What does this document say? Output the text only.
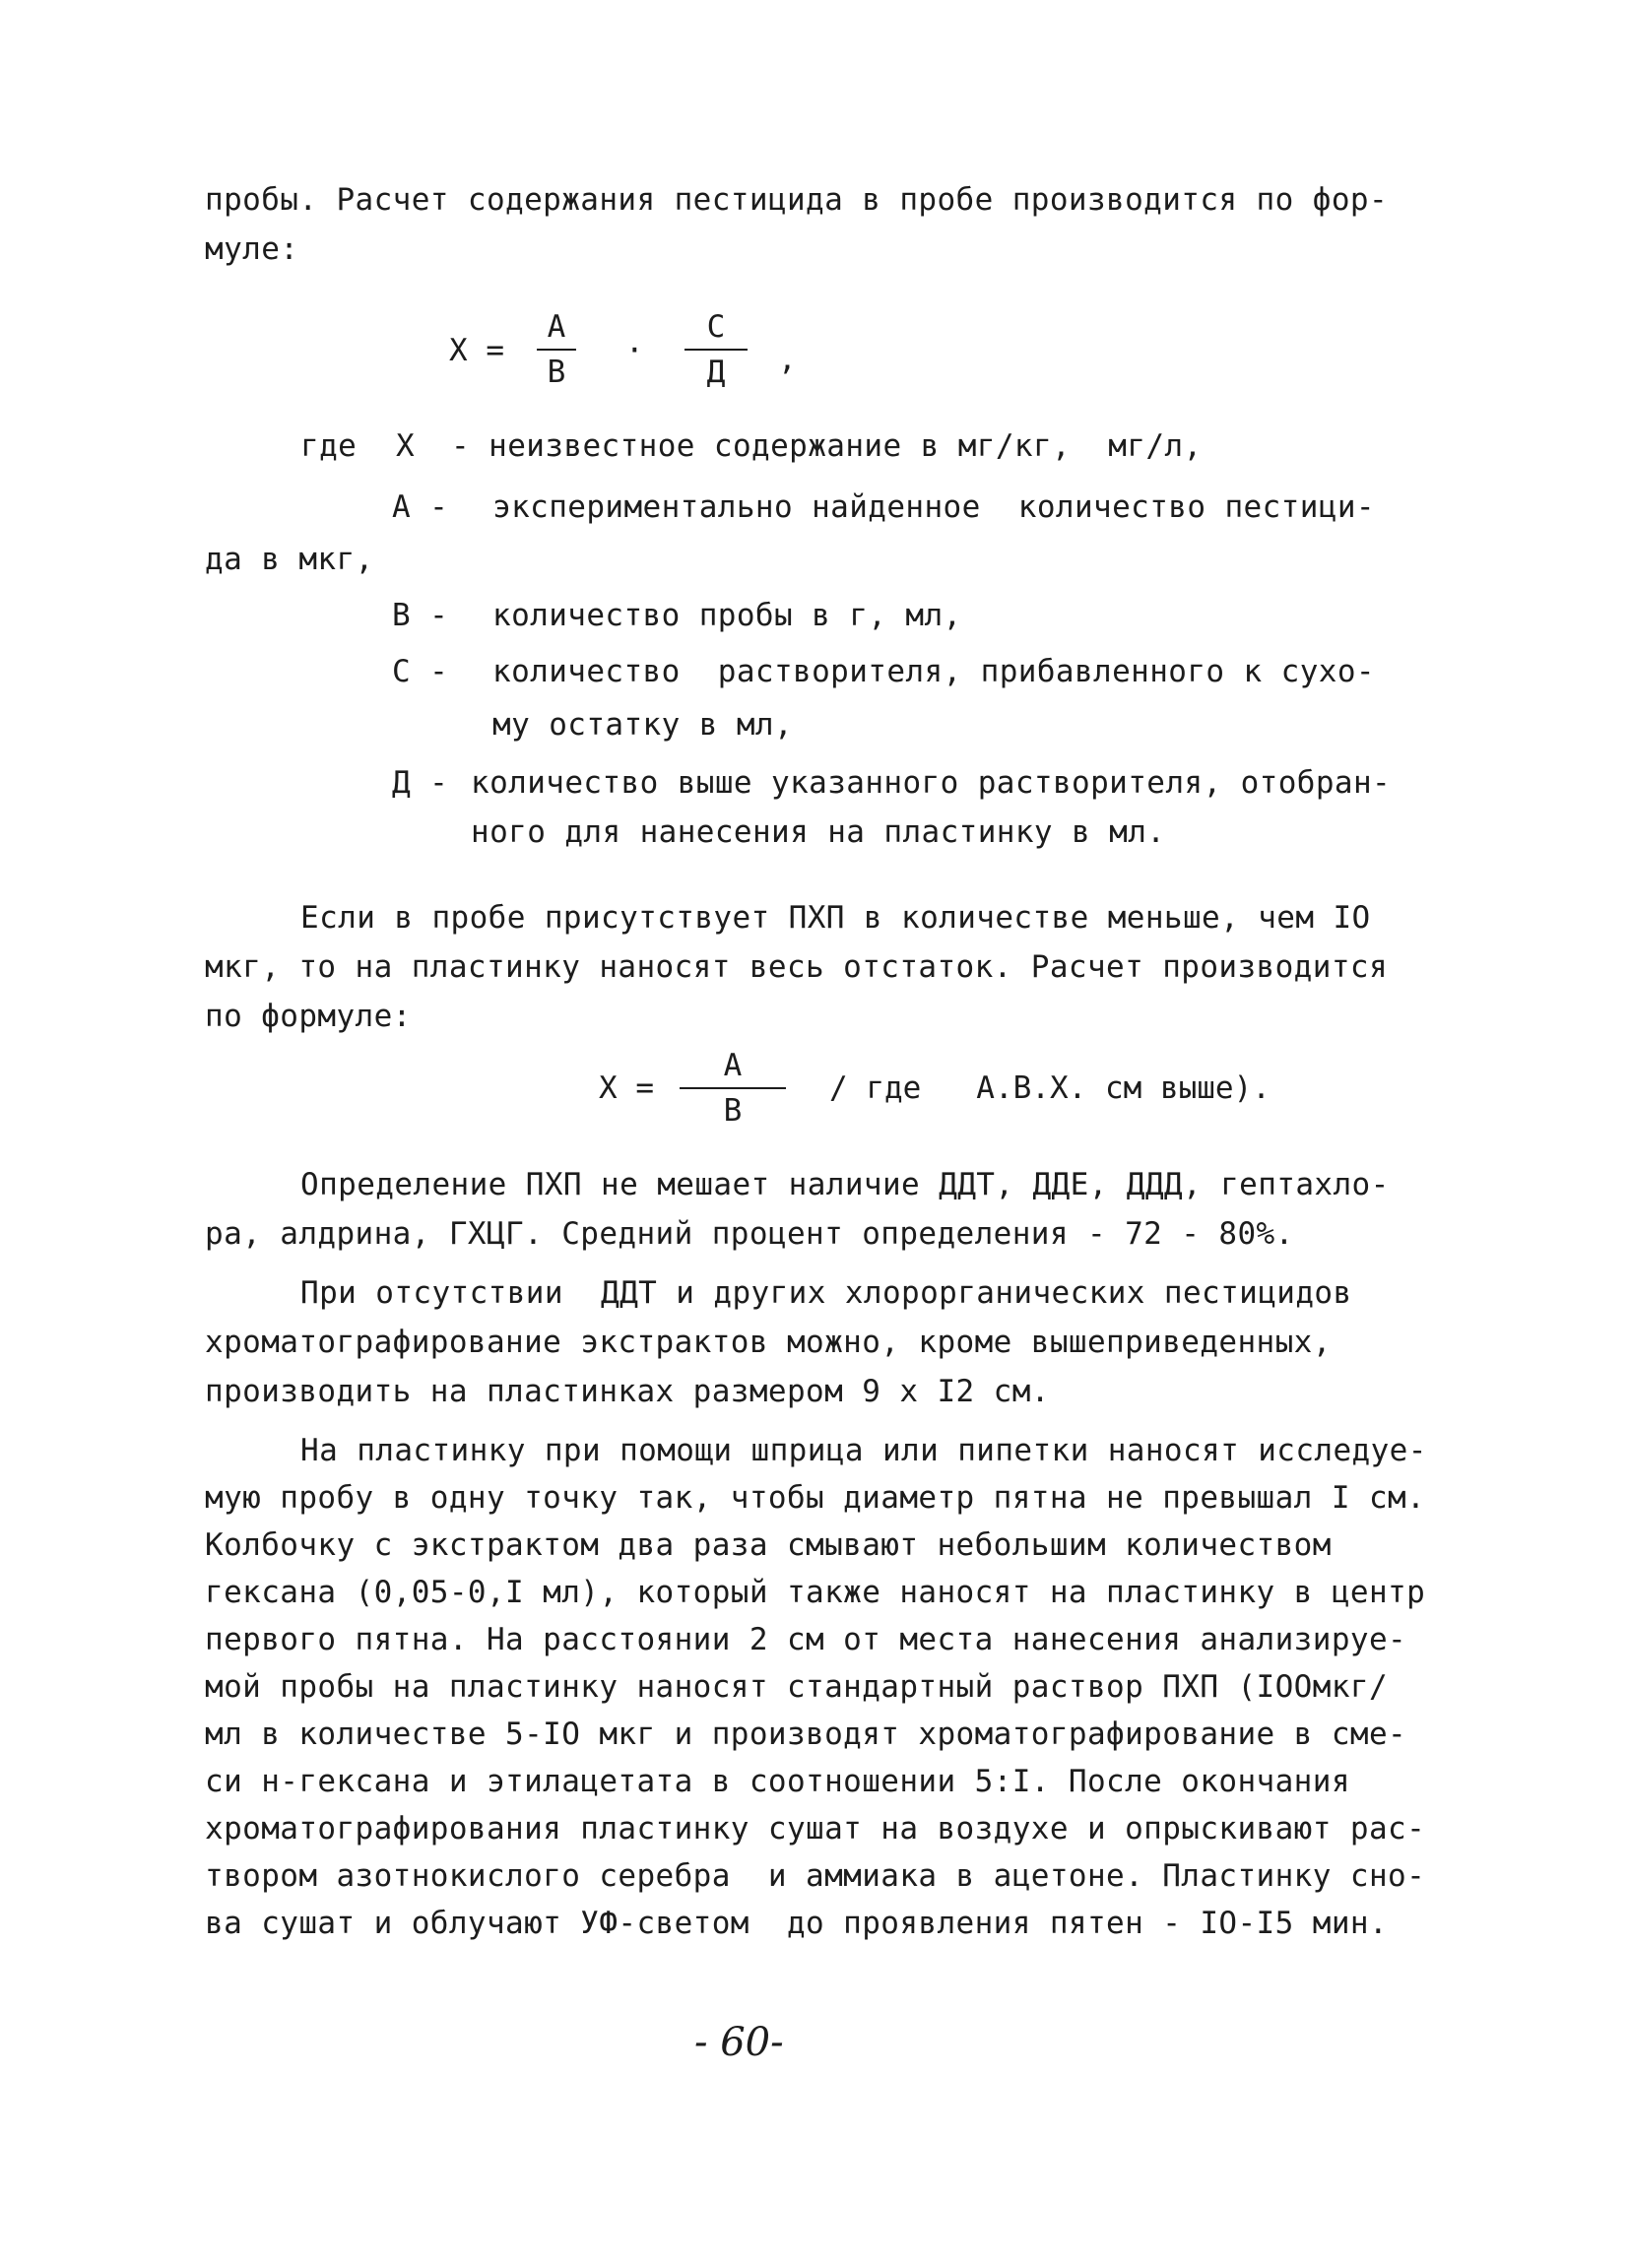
пробы. Расчет содержания пестицида в пробе производится по фор-
муле:
X =
A
B
·
C
Д ,
где X - неизвестное содержание в мг/кг,  мг/л,
A - экспериментально найденное  количество пестици-
да в мкг,
B - количество пробы в г, мл,
C - количество  растворителя, прибавленного к сухо-
му остатку в мл,
Д - количество выше указанного растворителя, отобран-
ного для нанесения на пластинку в мл.
Если в пробе присутствует ПХП в количестве меньше, чем IO
мкг, то на пластинку наносят весь отстаток. Расчет производится
по формуле:
X =
A
B
/ где   A.B.X. см выше).
Определение ПХП не мешает наличие ДДТ, ДДЕ, ДДД, гептахло-
ра, алдрина, ГХЦГ. Средний процент определения - 72 - 80%.
При отсутствии  ДДТ и других хлорорганических пестицидов
хроматографирование экстрактов можно, кроме вышеприведенных,
производить на пластинках размером 9 х I2 см.
На пластинку при помощи шприца или пипетки наносят исследуе-
мую пробу в одну точку так, чтобы диаметр пятна не превышал I см.
Колбочку с экстрактом два раза смывают небольшим количеством
гексана (0,05-0,I мл), который также наносят на пластинку в центр
первого пятна. На расстоянии 2 см от места нанесения анализируе-
мой пробы на пластинку наносят стандартный раствор ПХП (IOOмкг/
мл в количестве 5-IO мкг и производят хроматографирование в сме-
си н-гексана и этилацетата в соотношении 5:I. После окончания
хроматографирования пластинку сушат на воздухе и опрыскивают рас-
твором азотнокислого серебра  и аммиака в ацетоне. Пластинку сно-
ва сушат и облучают УФ-светом  до проявления пятен - IO-I5 мин.
- 60-
